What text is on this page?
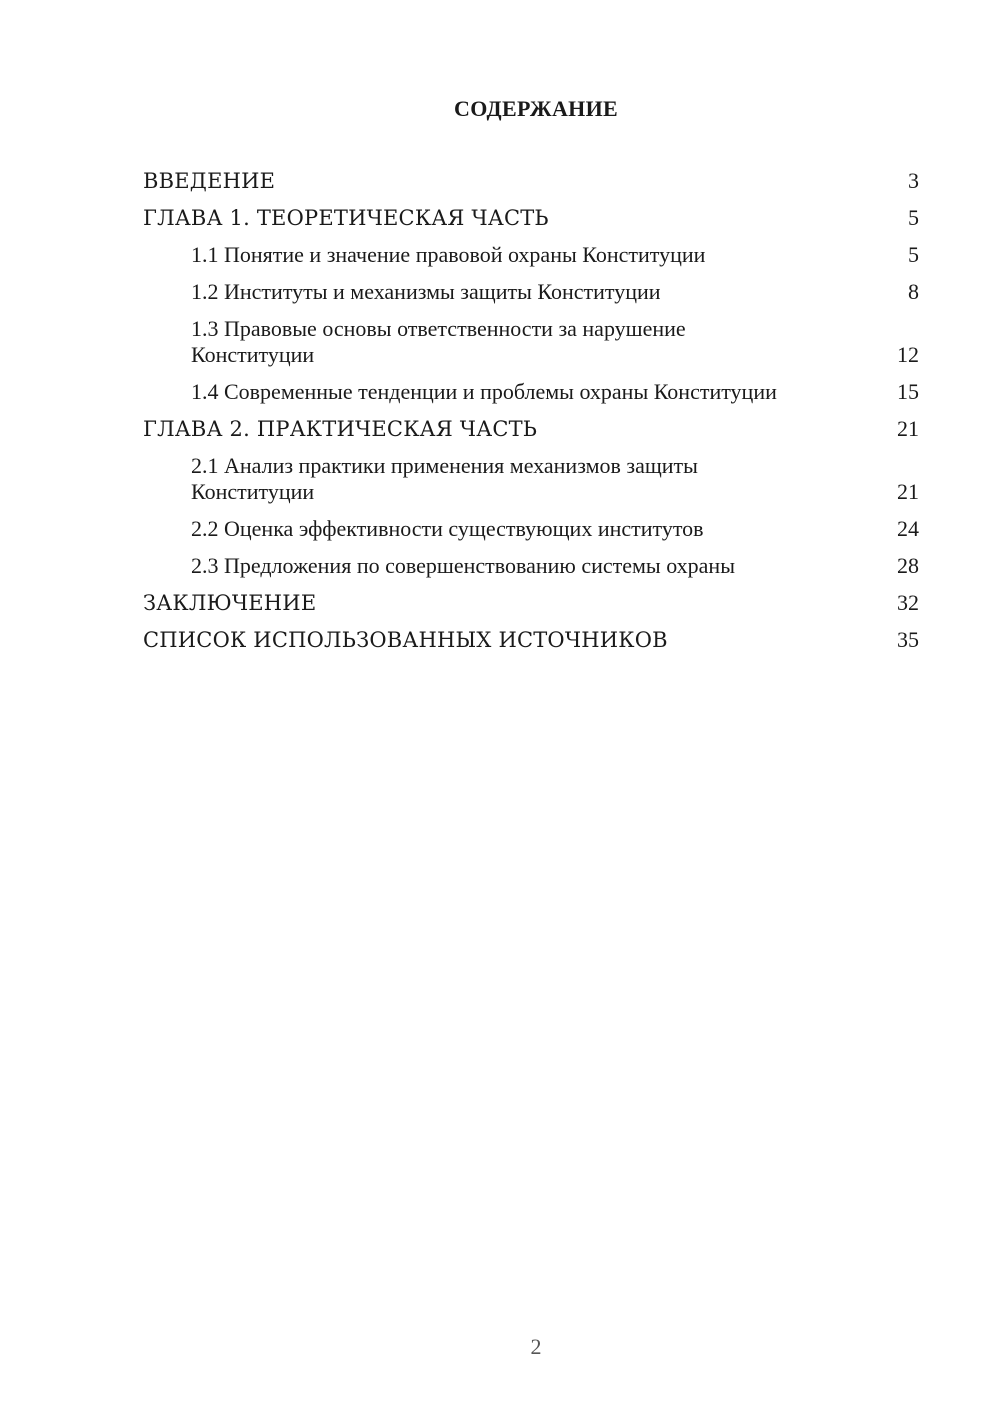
СОДЕРЖАНИЕ
ВВЕДЕНИЕ	3
ГЛАВА 1. ТЕОРЕТИЧЕСКАЯ ЧАСТЬ	5
1.1 Понятие и значение правовой охраны Конституции	5
1.2 Институты и механизмы защиты Конституции	8
1.3 Правовые основы ответственности за нарушение Конституции	12
1.4 Современные тенденции и проблемы охраны Конституции	15
ГЛАВА 2. ПРАКТИЧЕСКАЯ ЧАСТЬ	21
2.1 Анализ практики применения механизмов защиты Конституции	21
2.2 Оценка эффективности существующих институтов	24
2.3 Предложения по совершенствованию системы охраны	28
ЗАКЛЮЧЕНИЕ	32
СПИСОК ИСПОЛЬЗОВАННЫХ ИСТОЧНИКОВ	35
2
